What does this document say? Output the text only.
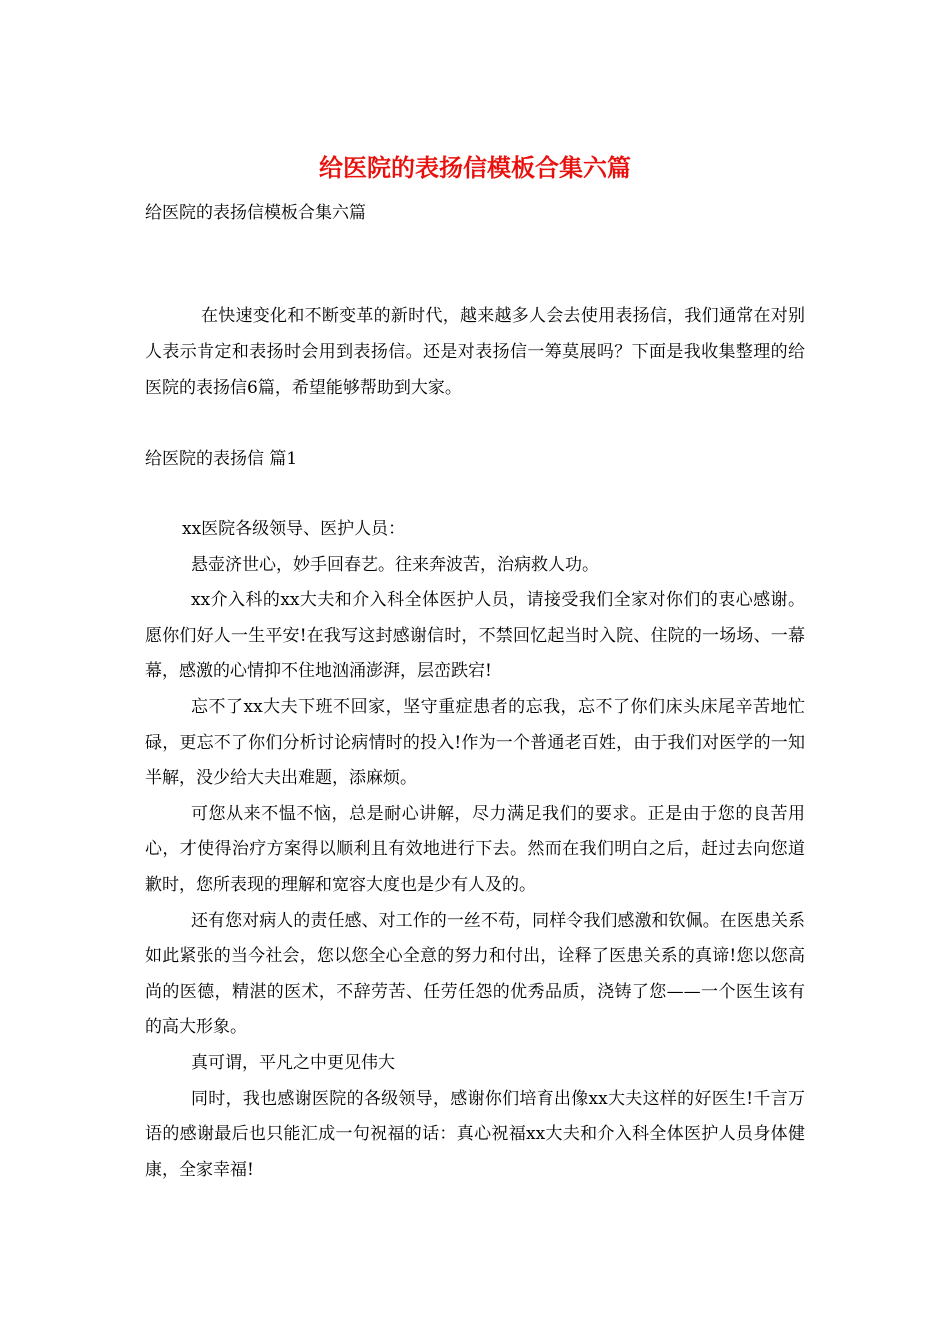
给医院的表扬信模板合集六篇
给医院的表扬信模板合集六篇

在快速变化和不断变革的新时代，越来越多人会去使用表扬信，我们通常在对别人表示肯定和表扬时会用到表扬信。还是对表扬信一筹莫展吗？下面是我收集整理的给医院的表扬信6篇，希望能够帮助到大家。

给医院的表扬信 篇1

xx医院各级领导、医护人员：

悬壶济世心，妙手回春艺。往来奔波苦，治病救人功。

xx介入科的xx大夫和介入科全体医护人员，请接受我们全家对你们的衷心感谢。愿你们好人一生平安!在我写这封感谢信时，不禁回忆起当时入院、住院的一场场、一幕幕，感激的心情抑不住地汹涌澎湃，层峦跌宕!

忘不了xx大夫下班不回家，坚守重症患者的忘我，忘不了你们床头床尾辛苦地忙碌，更忘不了你们分析讨论病情时的投入!作为一个普通老百姓，由于我们对医学的一知半解，没少给大夫出难题，添麻烦。

可您从来不愠不恼，总是耐心讲解，尽力满足我们的要求。正是由于您的良苦用心，才使得治疗方案得以顺利且有效地进行下去。然而在我们明白之后，赶过去向您道歉时，您所表现的理解和宽容大度也是少有人及的。

还有您对病人的责任感、对工作的一丝不苟，同样令我们感激和钦佩。在医患关系如此紧张的当今社会，您以您全心全意的努力和付出，诠释了医患关系的真谛!您以您高尚的医德，精湛的医术，不辞劳苦、任劳任怨的优秀品质，浇铸了您——一个医生该有的高大形象。

真可谓，平凡之中更见伟大

同时，我也感谢医院的各级领导，感谢你们培育出像xx大夫这样的好医生!千言万语的感谢最后也只能汇成一句祝福的话：真心祝福xx大夫和介入科全体医护人员身体健康，全家幸福!
